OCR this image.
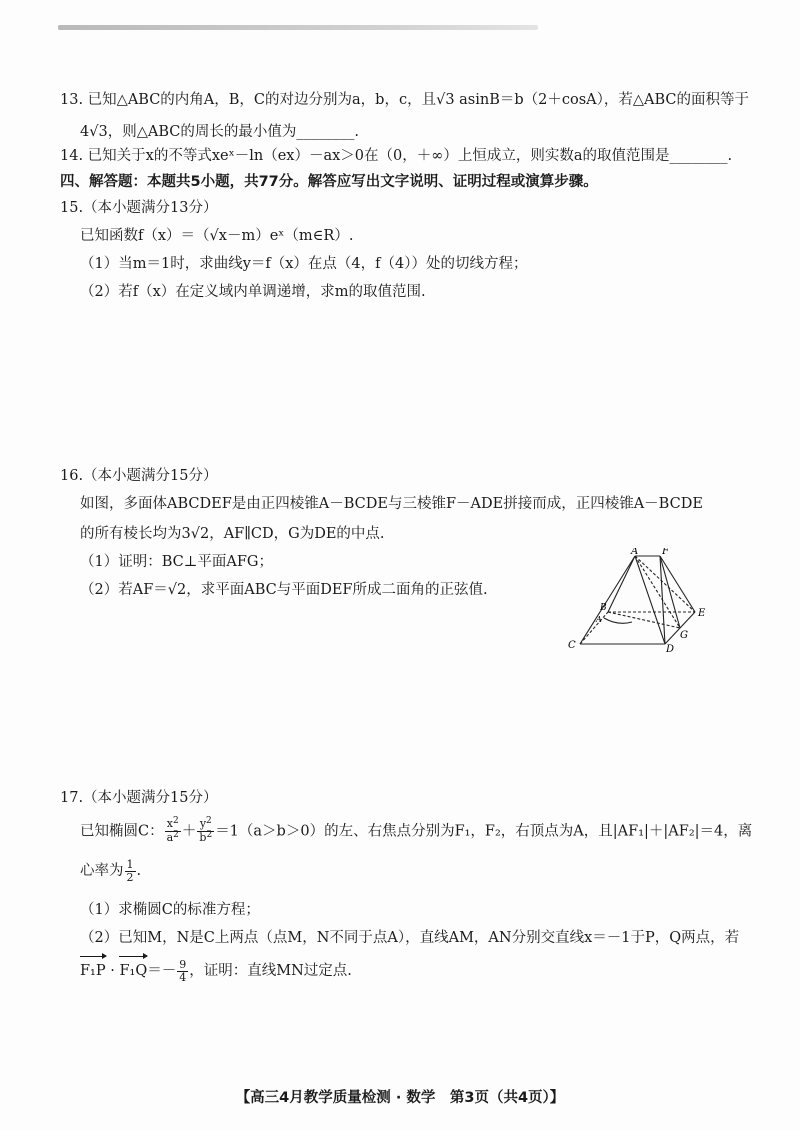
13. 已知△ABC的内角A，B，C的对边分别为a，b，c，且√3 asinB＝b（2＋cosA），若△ABC的面积等于
4√3，则△ABC的周长的最小值为________.
14. 已知关于x的不等式xeˣ－ln（ex）－ax＞0在（0，＋∞）上恒成立，则实数a的取值范围是________.
四、解答题：本题共5小题，共77分。解答应写出文字说明、证明过程或演算步骤。
15.（本小题满分13分）
已知函数f（x）＝（√x－m）eˣ（m∈R）.
（1）当m＝1时，求曲线y＝f（x）在点（4，f（4））处的切线方程；
（2）若f（x）在定义域内单调递增，求m的取值范围.
16.（本小题满分15分）
如图，多面体ABCDEF是由正四棱锥A－BCDE与三棱锥F－ADE拼接而成，正四棱锥A－BCDE
的所有棱长均为3√2，AF∥CD，G为DE的中点.
（1）证明：BC⊥平面AFG；
（2）若AF＝√2，求平面ABC与平面DEF所成二面角的正弦值.
A F
B
A
C	D
E
G
17.（本小题满分15分）
已知椭圆C： $\frac{x^2}{a^2} + \frac{y^2}{b^2} =1(a>b>0)$的左、右焦点分别为F₁，F₂，右顶点为A，且|AF₁|＋|AF₂|＝4，离
心率为 $\frac{1}{2}$ .
（1）求椭圆C的标准方程；
（2）已知M，N是C上两点（点M，N不同于点A），直线AM，AN分别交直线x＝－1于P，Q两点，若
$F_1P \cdot F_1Q=- \frac{9}{4}$ ，证明：直线MN过定点.
【高三4月教学质量检测 · 数学　第3页（共4页）】
